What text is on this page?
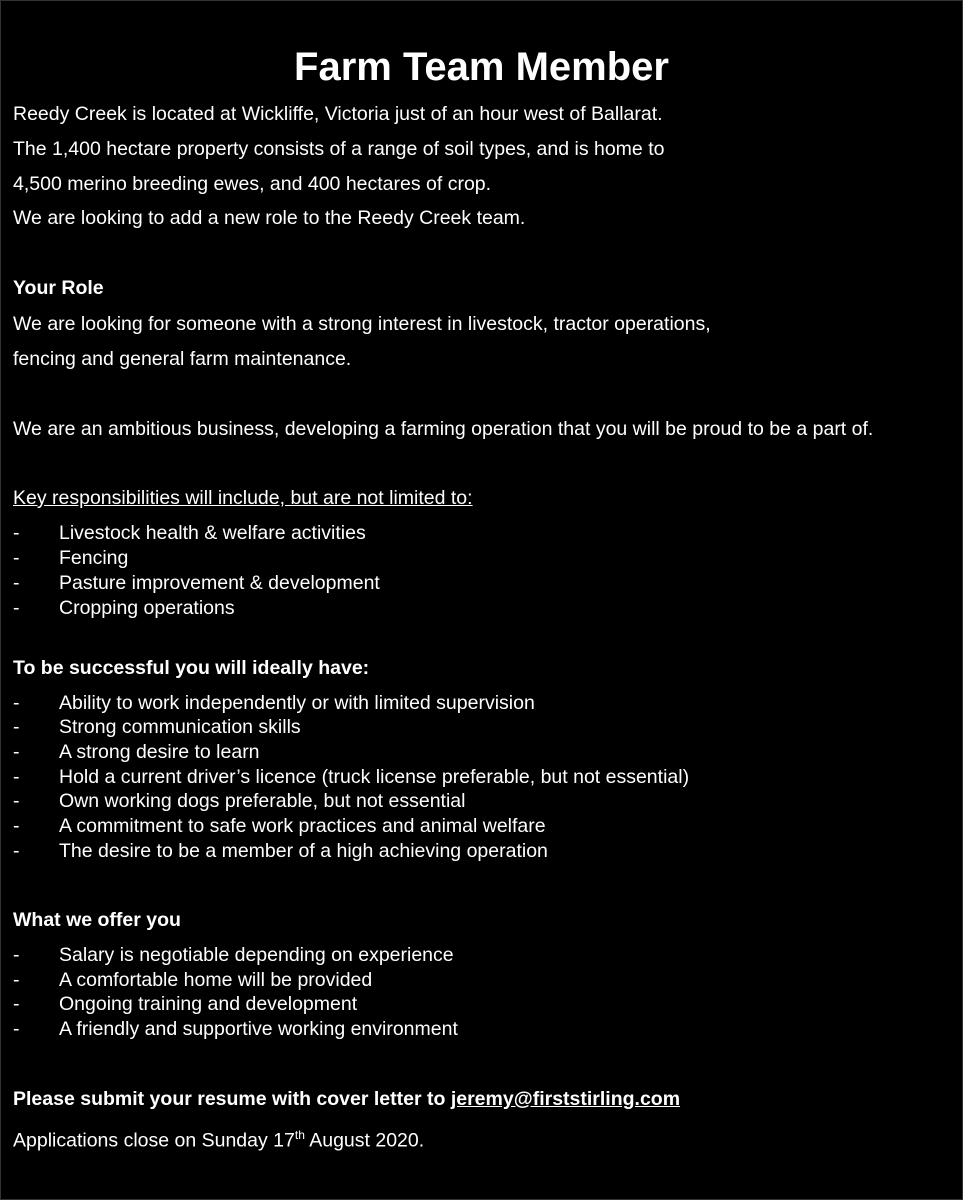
Farm Team Member
Reedy Creek is located at Wickliffe, Victoria just of an hour west of Ballarat.
The 1,400 hectare property consists of a range of soil types, and is home to
4,500 merino breeding ewes, and 400 hectares of crop.
We are looking to add a new role to the Reedy Creek team.
Your Role
We are looking for someone with a strong interest in livestock, tractor operations,
fencing and general farm maintenance.
We are an ambitious business, developing a farming operation that you will be proud to be a part of.
Key responsibilities will include, but are not limited to:
- Livestock health & welfare activities
- Fencing
- Pasture improvement & development
- Cropping operations
To be successful you will ideally have:
- Ability to work independently or with limited supervision
- Strong communication skills
- A strong desire to learn
- Hold a current driver’s licence (truck license preferable, but not essential)
- Own working dogs preferable, but not essential
- A commitment to safe work practices and animal welfare
- The desire to be a member of a high achieving operation
What we offer you
- Salary is negotiable depending on experience
- A comfortable home will be provided
- Ongoing training and development
- A friendly and supportive working environment
Please submit your resume with cover letter to jeremy@firststirling.com
Applications close on Sunday 17th August 2020.
